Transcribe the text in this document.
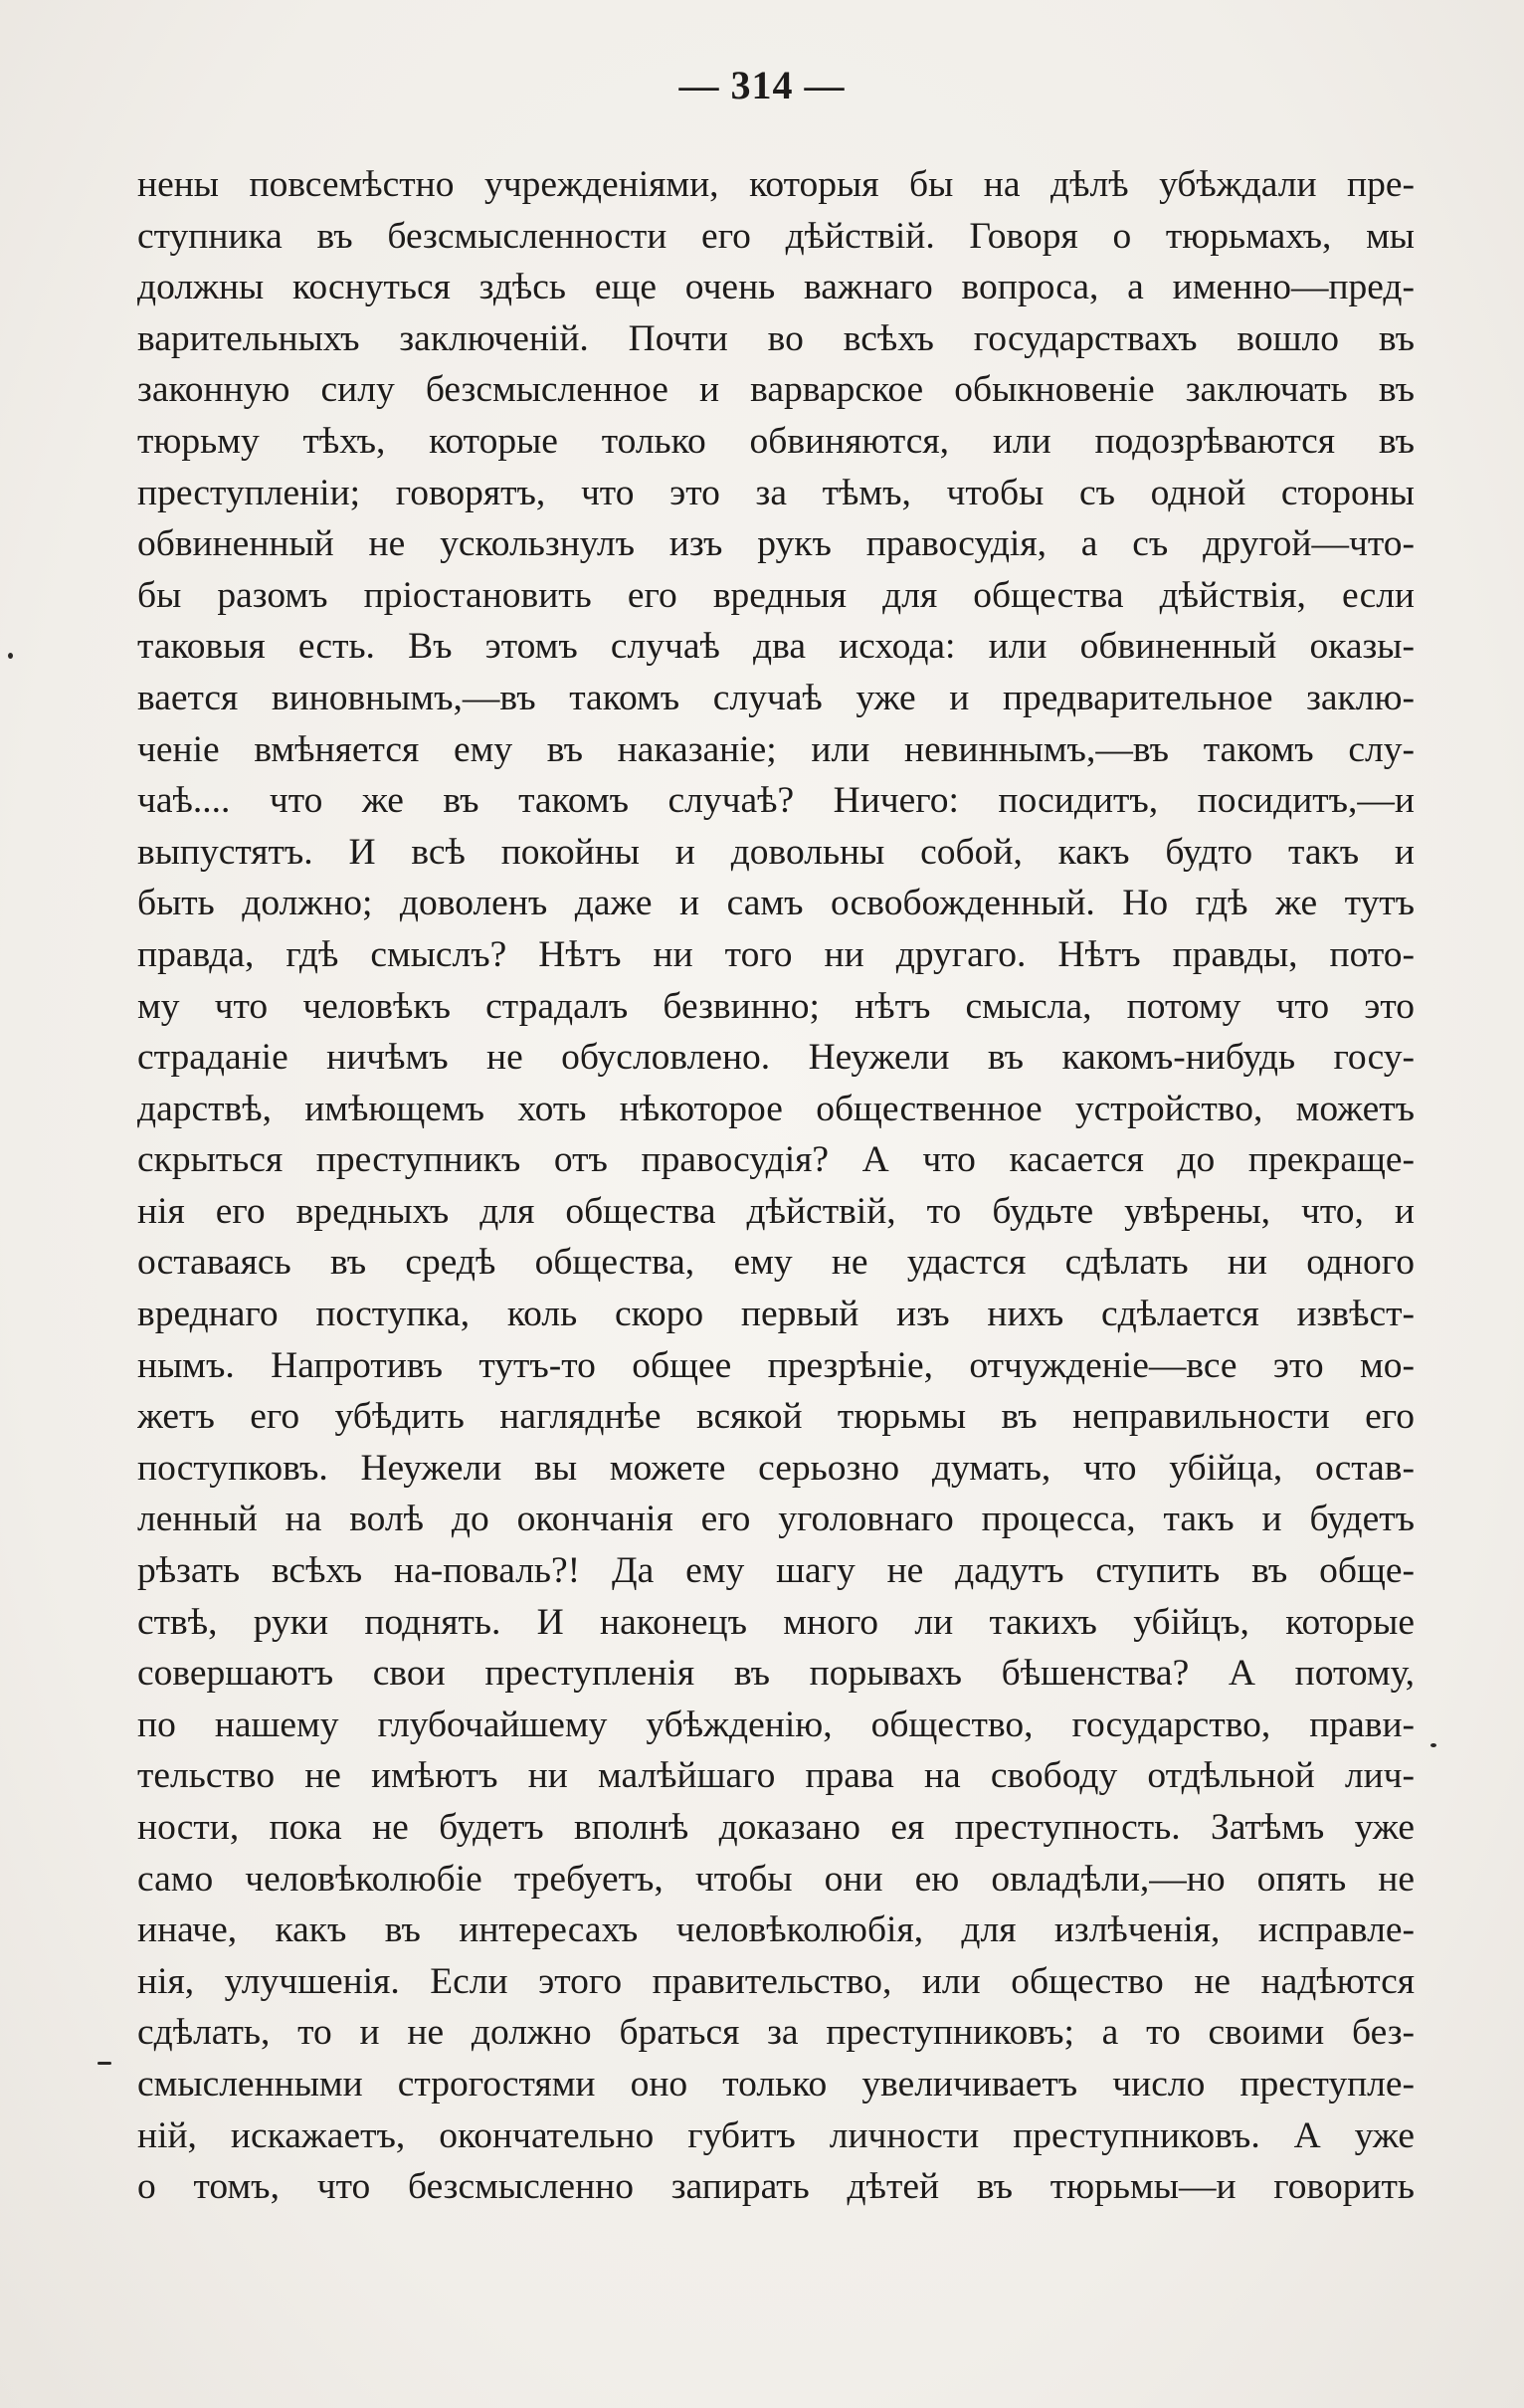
— 314 —
нены повсемѣстно учрежденіями, которыя бы на дѣлѣ убѣждали пре-
ступника въ безсмысленности его дѣйствій. Говоря о тюрьмахъ, мы
должны коснуться здѣсь еще очень важнаго вопроса, а именно—пред-
варительныхъ заключеній. Почти во всѣхъ государствахъ вошло въ
законную силу безсмысленное и варварское обыкновеніе заключать въ
тюрьму тѣхъ, которые только обвиняются, или подозрѣваются въ
преступленіи; говорятъ, что это за тѣмъ, чтобы съ одной стороны
обвиненный не ускользнулъ изъ рукъ правосудія, а съ другой—что-
бы разомъ пріостановить его вредныя для общества дѣйствія, если
таковыя есть. Въ этомъ случаѣ два исхода: или обвиненный оказы-
вается виновнымъ,—въ такомъ случаѣ уже и предварительное заклю-
ченіе вмѣняется ему въ наказаніе; или невиннымъ,—въ такомъ слу-
чаѣ.... что же въ такомъ случаѣ? Ничего: посидитъ, посидитъ,—и
выпустятъ. И всѣ покойны и довольны собой, какъ будто такъ и
быть должно; доволенъ даже и самъ освобожденный. Но гдѣ же тутъ
правда, гдѣ смыслъ? Нѣтъ ни того ни другаго. Нѣтъ правды, пото-
му что человѣкъ страдалъ безвинно; нѣтъ смысла, потому что это
страданіе ничѣмъ не обусловлено. Неужели въ какомъ-нибудь госу-
дарствѣ, имѣющемъ хоть нѣкоторое общественное устройство, можетъ
скрыться преступникъ отъ правосудія? А что касается до прекраще-
нія его вредныхъ для общества дѣйствій, то будьте увѣрены, что, и
оставаясь въ средѣ общества, ему не удастся сдѣлать ни одного
вреднаго поступка, коль скоро первый изъ нихъ сдѣлается извѣст-
нымъ. Напротивъ тутъ-то общее презрѣніе, отчужденіе—все это мо-
жетъ его убѣдить нагляднѣе всякой тюрьмы въ неправильности его
поступковъ. Неужели вы можете серьозно думать, что убійца, остав-
ленный на волѣ до окончанія его уголовнаго процесса, такъ и будетъ
рѣзать всѣхъ на-поваль?! Да ему шагу не дадутъ ступить въ обще-
ствѣ, руки поднять. И наконецъ много ли такихъ убійцъ, которые
совершаютъ свои преступленія въ порывахъ бѣшенства? А потому,
по нашему глубочайшему убѣжденію, общество, государство, прави-
тельство не имѣютъ ни малѣйшаго права на свободу отдѣльной лич-
ности, пока не будетъ вполнѣ доказано ея преступность. Затѣмъ уже
само человѣколюбіе требуетъ, чтобы они ею овладѣли,—но опять не
иначе, какъ въ интересахъ человѣколюбія, для излѣченія, исправле-
нія, улучшенія. Если этого правительство, или общество не надѣются
сдѣлать, то и не должно браться за преступниковъ; а то своими без-
смысленными строгостями оно только увеличиваетъ число преступле-
ній, искажаетъ, окончательно губитъ личности преступниковъ. А уже
о томъ, что безсмысленно запирать дѣтей въ тюрьмы—и говорить
